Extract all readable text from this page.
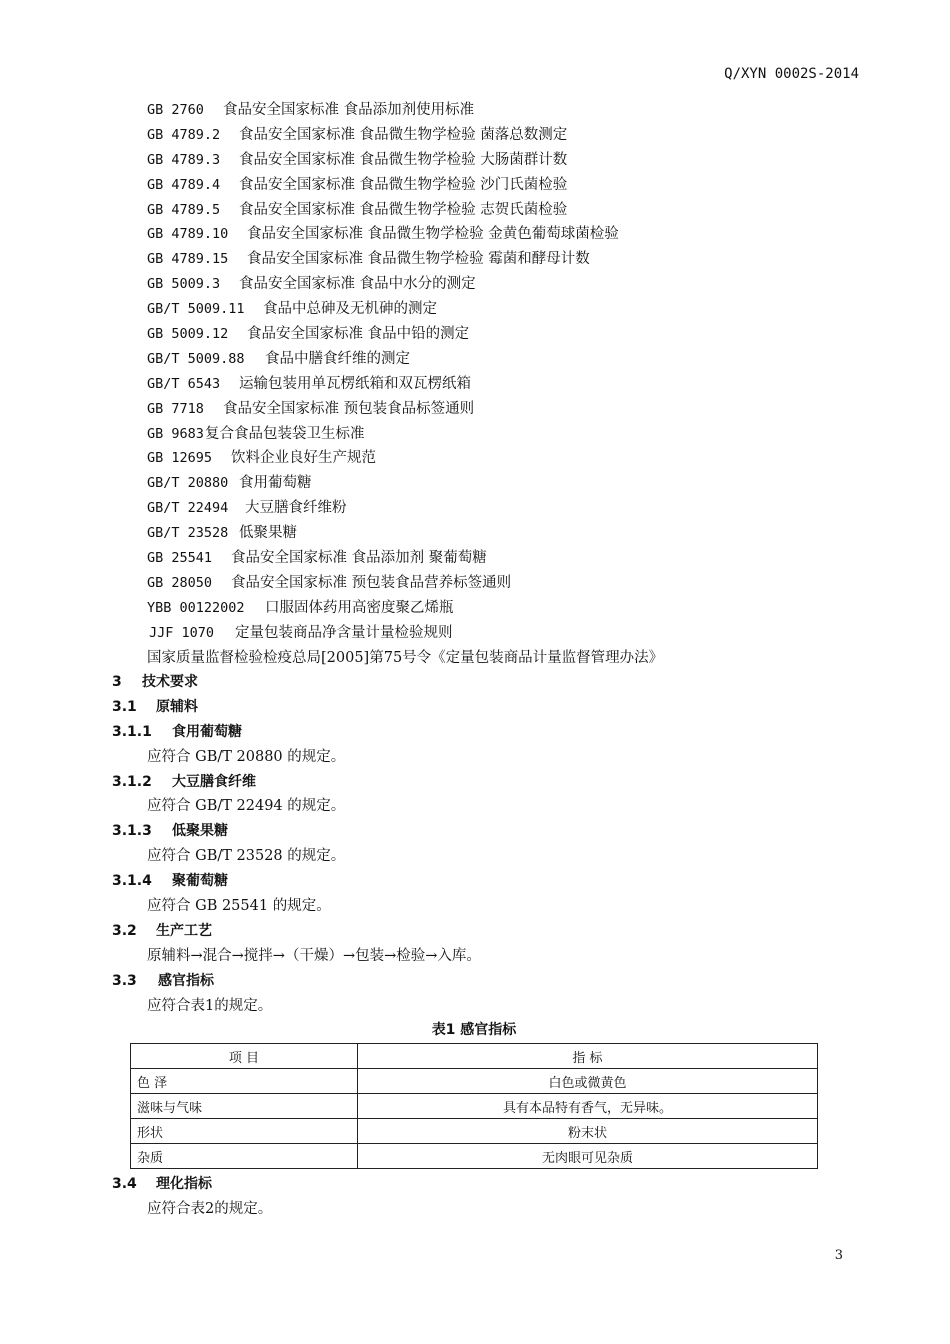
Q/XYN 0002S-2014
GB 2760 食品安全国家标准 食品添加剂使用标准
GB 4789.2 食品安全国家标准 食品微生物学检验 菌落总数测定
GB 4789.3 食品安全国家标准 食品微生物学检验 大肠菌群计数
GB 4789.4 食品安全国家标准 食品微生物学检验 沙门氏菌检验
GB 4789.5 食品安全国家标准 食品微生物学检验 志贺氏菌检验
GB 4789.10 食品安全国家标准 食品微生物学检验 金黄色葡萄球菌检验
GB 4789.15 食品安全国家标准 食品微生物学检验 霉菌和酵母计数
GB 5009.3 食品安全国家标准 食品中水分的测定
GB/T 5009.11 食品中总砷及无机砷的测定
GB 5009.12 食品安全国家标准 食品中铅的测定
GB/T 5009.88 食品中膳食纤维的测定
GB/T 6543 运输包装用单瓦楞纸箱和双瓦楞纸箱
GB 7718 食品安全国家标准 预包装食品标签通则
GB 9683复合食品包装袋卫生标准
GB 12695 饮料企业良好生产规范
GB/T 20880 食用葡萄糖
GB/T 22494 大豆膳食纤维粉
GB/T 23528 低聚果糖
GB 25541 食品安全国家标准 食品添加剂 聚葡萄糖
GB 28050 食品安全国家标准 预包装食品营养标签通则
YBB 00122002 口服固体药用高密度聚乙烯瓶
JJF 1070 定量包装商品净含量计量检验规则
国家质量监督检验检疫总局[2005]第75号令《定量包装商品计量监督管理办法》
3 技术要求
3.1 原辅料
3.1.1 食用葡萄糖
应符合 GB/T 20880 的规定。
3.1.2 大豆膳食纤维
应符合 GB/T 22494 的规定。
3.1.3 低聚果糖
应符合 GB/T 23528 的规定。
3.1.4 聚葡萄糖
应符合 GB 25541 的规定。
3.2 生产工艺
原辅料→混合→搅拌→（干燥）→包装→检验→入库。
3.3 感官指标
应符合表1的规定。
表1 感官指标
项 目	指 标
色 泽	白色或微黄色
滋味与气味	具有本品特有香气，无异味。
形状	粉末状
杂质	无肉眼可见杂质
3.4 理化指标
应符合表2的规定。
3
